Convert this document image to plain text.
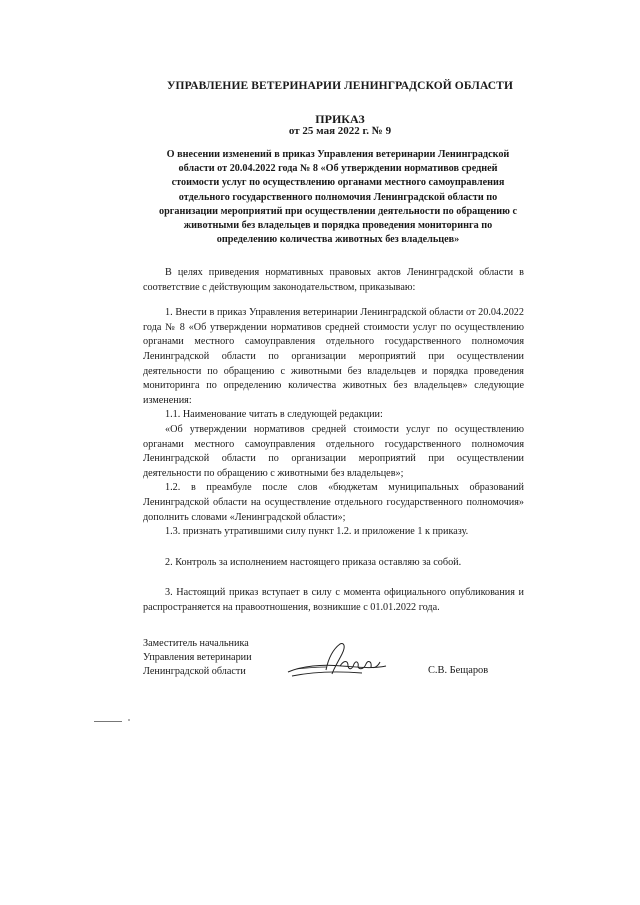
УПРАВЛЕНИЕ ВЕТЕРИНАРИИ ЛЕНИНГРАДСКОЙ ОБЛАСТИ
ПРИКАЗ
от 25 мая 2022 г. № 9
О внесении изменений в приказ Управления ветеринарии Ленинградской области от 20.04.2022 года № 8 «Об утверждении нормативов средней стоимости услуг по осуществлению органами местного самоуправления отдельного государственного полномочия Ленинградской области по организации мероприятий при осуществлении деятельности по обращению с животными без владельцев и порядка проведения мониторинга по определению количества животных без владельцев»

В целях приведения нормативных правовых актов Ленинградской области в соответствие с действующим законодательством, приказываю:

1. Внести в приказ Управления ветеринарии Ленинградской области от 20.04.2022 года № 8 «Об утверждении нормативов средней стоимости услуг по осуществлению органами местного самоуправления отдельного государственного полномочия Ленинградской области по организации мероприятий при осуществлении деятельности по обращению с животными без владельцев и порядка проведения мониторинга по определению количества животных без владельцев» следующие изменения:

1.1. Наименование читать в следующей редакции:

«Об утверждении нормативов средней стоимости услуг по осуществлению органами местного самоуправления отдельного государственного полномочия Ленинградской области по организации мероприятий при осуществлении деятельности по обращению с животными без владельцев»;

1.2. в преамбуле после слов «бюджетам муниципальных образований Ленинградской области на осуществление отдельного государственного полномочия» дополнить словами «Ленинградской области»;

1.3. признать утратившими силу пункт 1.2. и приложение 1 к приказу.

2. Контроль за исполнением настоящего приказа оставляю за собой.

3. Настоящий приказ вступает в силу с момента официального опубликования и распространяется на правоотношения, возникшие с 01.01.2022 года.

Заместитель начальника
Управления ветеринарии
Ленинградской области	С.В. Бещаров
